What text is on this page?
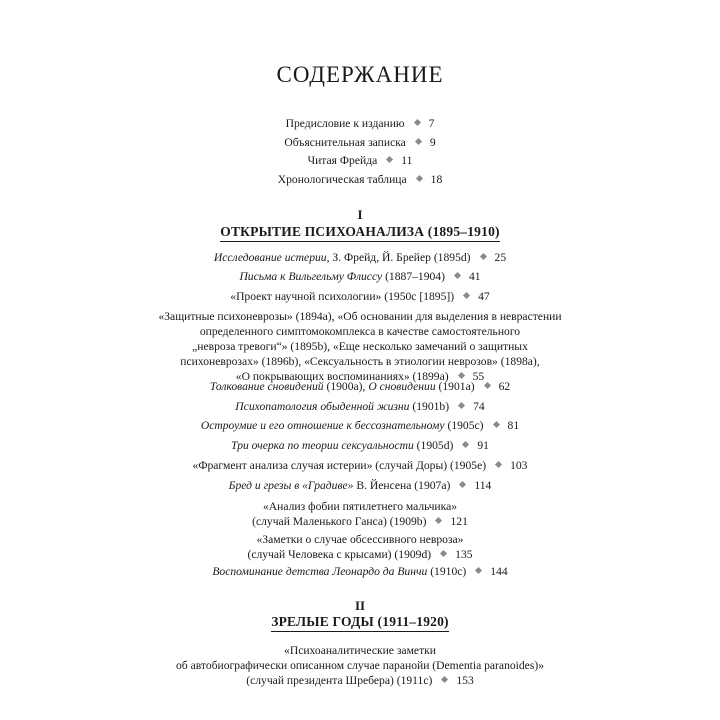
СОДЕРЖАНИЕ
Предисловие к изданию 7
Объяснительная записка 9
Читая Фрейда 11
Хронологическая таблица 18
I
ОТКРЫТИЕ ПСИХОАНАЛИЗА (1895–1910)
Исследование истерии, З. Фрейд, Й. Брейер (1895d) 25
Письма к Вильгельму Флиссу (1887–1904) 41
«Проект научной психологии» (1950с [1895]) 47
«Защитные психоневрозы» (1894a), «Об основании для выделения в неврастении
определенного симптомокомплекса в качестве самостоятельного
„невроза тревоги“» (1895b), «Еще несколько замечаний о защитных
психоневрозах» (1896b), «Сексуальность в этиологии неврозов» (1898a),
«О покрывающих воспоминаниях» (1899a) 55
Толкование сновидений (1900a), О сновидении (1901a) 62
Психопатология обыденной жизни (1901b) 74
Остроумие и его отношение к бессознательному (1905c) 81
Три очерка по теории сексуальности (1905d) 91
«Фрагмент анализа случая истерии» (случай Доры) (1905e) 103
Бред и грезы в «Градиве» В. Йенсена (1907a) 114
«Анализ фобии пятилетнего мальчика»
(случай Маленького Ганса) (1909b) 121
«Заметки о случае обсессивного невроза»
(случай Человека с крысами) (1909d) 135
Воспоминание детства Леонардо да Винчи (1910c) 144
II
ЗРЕЛЫЕ ГОДЫ (1911–1920)
«Психоаналитические заметки
об автобиографически описанном случае паранойи (Dementia paranoides)»
(случай президента Шребера) (1911c) 153
